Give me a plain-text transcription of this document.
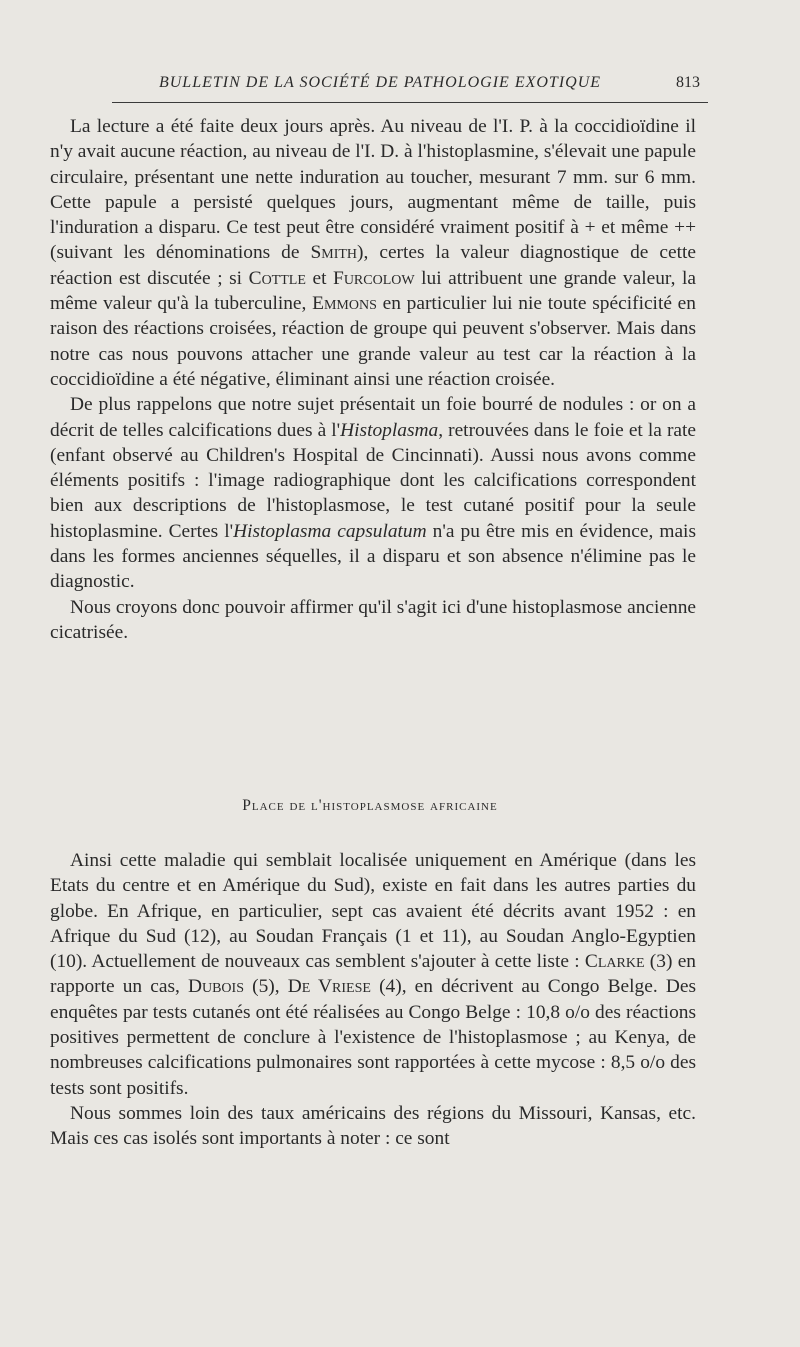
BULLETIN DE LA SOCIÉTÉ DE PATHOLOGIE EXOTIQUE	813

La lecture a été faite deux jours après. Au niveau de l'I. P. à la coccidioïdine il n'y avait aucune réaction, au niveau de l'I. D. à l'histoplasmine, s'élevait une papule circulaire, présentant une nette induration au toucher, mesurant 7 mm. sur 6 mm. Cette papule a persisté quelques jours, augmentant même de taille, puis l'induration a disparu. Ce test peut être considéré vraiment positif à + et même ++ (suivant les dénominations de Smith), certes la valeur diagnostique de cette réaction est discutée ; si Cottle et Furcolow lui attribuent une grande valeur, la même valeur qu'à la tuberculine, Emmons en particulier lui nie toute spécificité en raison des réactions croisées, réaction de groupe qui peuvent s'observer. Mais dans notre cas nous pouvons attacher une grande valeur au test car la réaction à la coccidioïdine a été négative, éliminant ainsi une réaction croisée.

De plus rappelons que notre sujet présentait un foie bourré de nodules : or on a décrit de telles calcifications dues à l'Histoplasma, retrouvées dans le foie et la rate (enfant observé au Children's Hospital de Cincinnati). Aussi nous avons comme éléments positifs : l'image radiographique dont les calcifications correspondent bien aux descriptions de l'histoplasmose, le test cutané positif pour la seule histoplasmine. Certes l'Histoplasma capsulatum n'a pu être mis en évidence, mais dans les formes anciennes séquelles, il a disparu et son absence n'élimine pas le diagnostic.

Nous croyons donc pouvoir affirmer qu'il s'agit ici d'une histoplasmose ancienne cicatrisée.

Place de l'histoplasmose africaine

Ainsi cette maladie qui semblait localisée uniquement en Amérique (dans les Etats du centre et en Amérique du Sud), existe en fait dans les autres parties du globe. En Afrique, en particulier, sept cas avaient été décrits avant 1952 : en Afrique du Sud (12), au Soudan Français (1 et 11), au Soudan Anglo-Egyptien (10). Actuellement de nouveaux cas semblent s'ajouter à cette liste : Clarke (3) en rapporte un cas, Dubois (5), De Vriese (4), en décrivent au Congo Belge. Des enquêtes par tests cutanés ont été réalisées au Congo Belge : 10,8 o/o des réactions positives permettent de conclure à l'existence de l'histoplasmose ; au Kenya, de nombreuses calcifications pulmonaires sont rapportées à cette mycose : 8,5 o/o des tests sont positifs.

Nous sommes loin des taux américains des régions du Missouri, Kansas, etc. Mais ces cas isolés sont importants à noter : ce sont
